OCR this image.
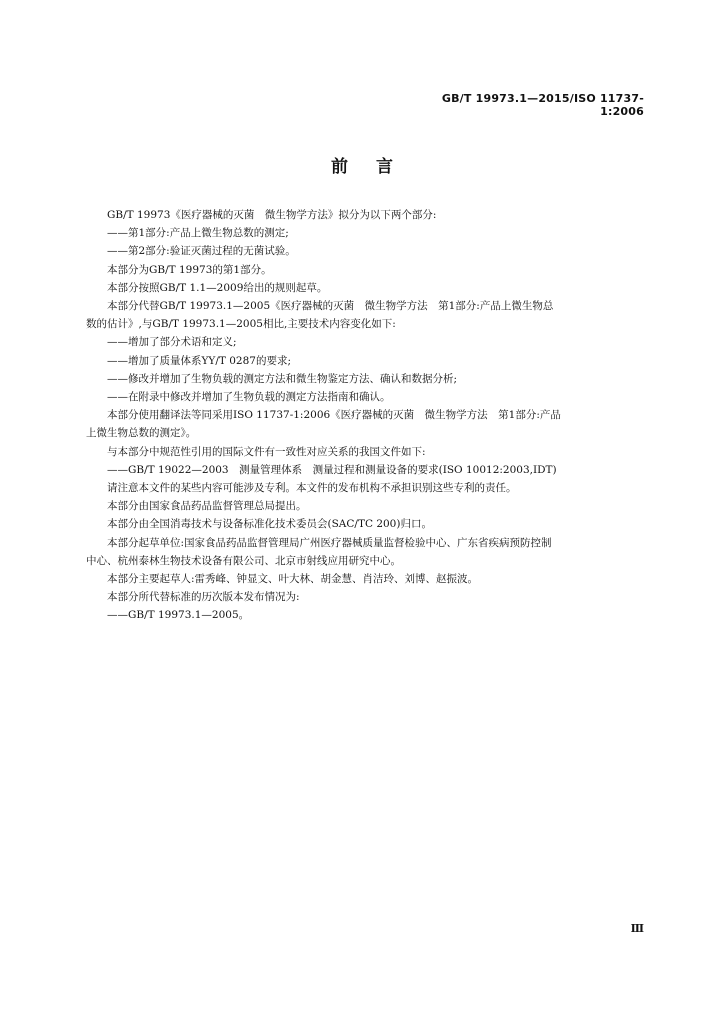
GB/T 19973.1—2015/ISO 11737-1:2006
前言

GB/T 19973《医疗器械的灭菌　微生物学方法》拟分为以下两个部分:

——第1部分:产品上微生物总数的测定;

——第2部分:验证灭菌过程的无菌试验。

本部分为GB/T 19973的第1部分。

本部分按照GB/T 1.1—2009给出的规则起草。

本部分代替GB/T 19973.1—2005《医疗器械的灭菌　微生物学方法　第1部分:产品上微生物总
数的估计》,与GB/T 19973.1—2005相比,主要技术内容变化如下:

——增加了部分术语和定义;

——增加了质量体系YY/T 0287的要求;

——修改并增加了生物负载的测定方法和微生物鉴定方法、确认和数据分析;

——在附录中修改并增加了生物负载的测定方法指南和确认。

本部分使用翻译法等同采用ISO 11737-1:2006《医疗器械的灭菌　微生物学方法　第1部分:产品
上微生物总数的测定》。

与本部分中规范性引用的国际文件有一致性对应关系的我国文件如下:

——GB/T 19022—2003　测量管理体系　测量过程和测量设备的要求(ISO 10012:2003,IDT)

请注意本文件的某些内容可能涉及专利。本文件的发布机构不承担识别这些专利的责任。

本部分由国家食品药品监督管理总局提出。

本部分由全国消毒技术与设备标准化技术委员会(SAC/TC 200)归口。

本部分起草单位:国家食品药品监督管理局广州医疗器械质量监督检验中心、广东省疾病预防控制
中心、杭州泰林生物技术设备有限公司、北京市射线应用研究中心。

本部分主要起草人:雷秀峰、钟显文、叶大林、胡金慧、肖洁玲、刘博、赵振波。

本部分所代替标准的历次版本发布情况为:

——GB/T 19973.1—2005。

Ⅲ
